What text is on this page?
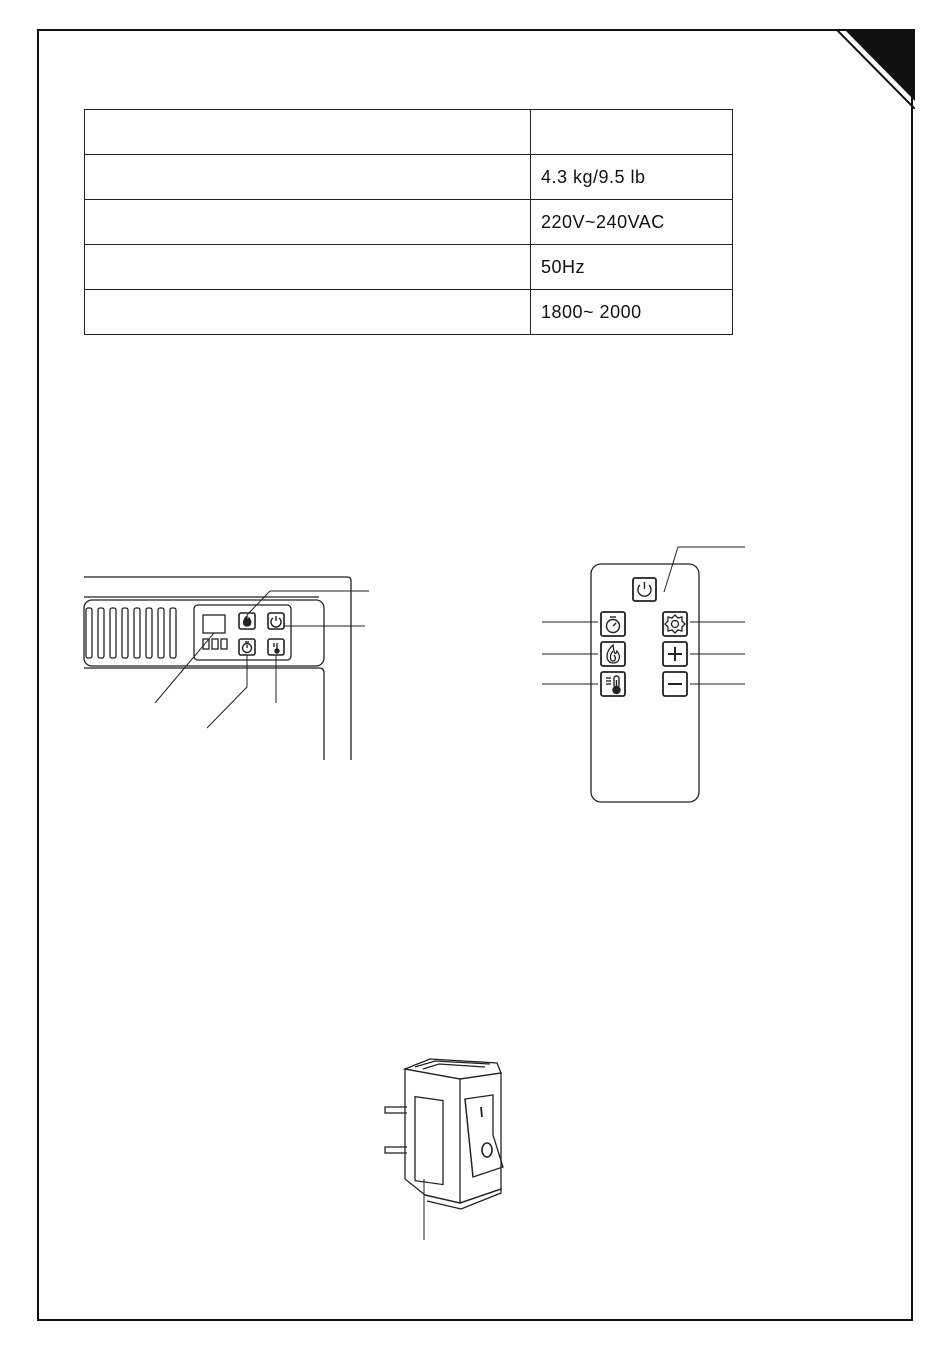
	4.3 kg/9.5 lb
	220V~240VAC
	50Hz
	1800~ 2000
